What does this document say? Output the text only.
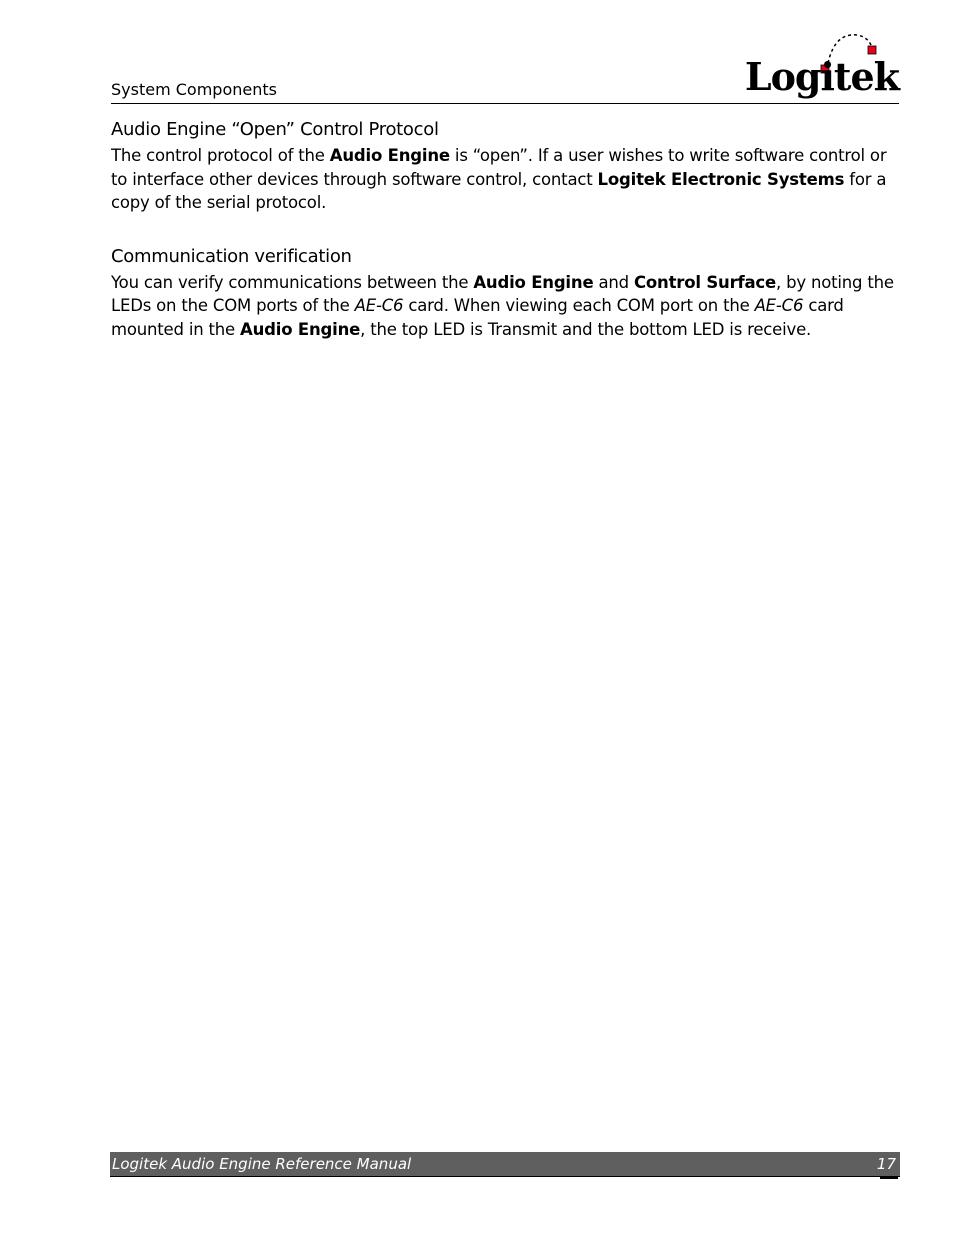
System Components	Logitek
Audio Engine “Open” Control Protocol

The control protocol of the Audio Engine is “open”. If a user wishes to write software control or to interface other devices through software control, contact Logitek Electronic Systems for a copy of the serial protocol.

Communication verification

You can verify communications between the Audio Engine and Control Surface, by noting the LEDs on the COM ports of the AE-C6 card. When viewing each COM port on the AE-C6 card mounted in the Audio Engine, the top LED is Transmit and the bottom LED is receive.

Logitek Audio Engine Reference Manual	17
